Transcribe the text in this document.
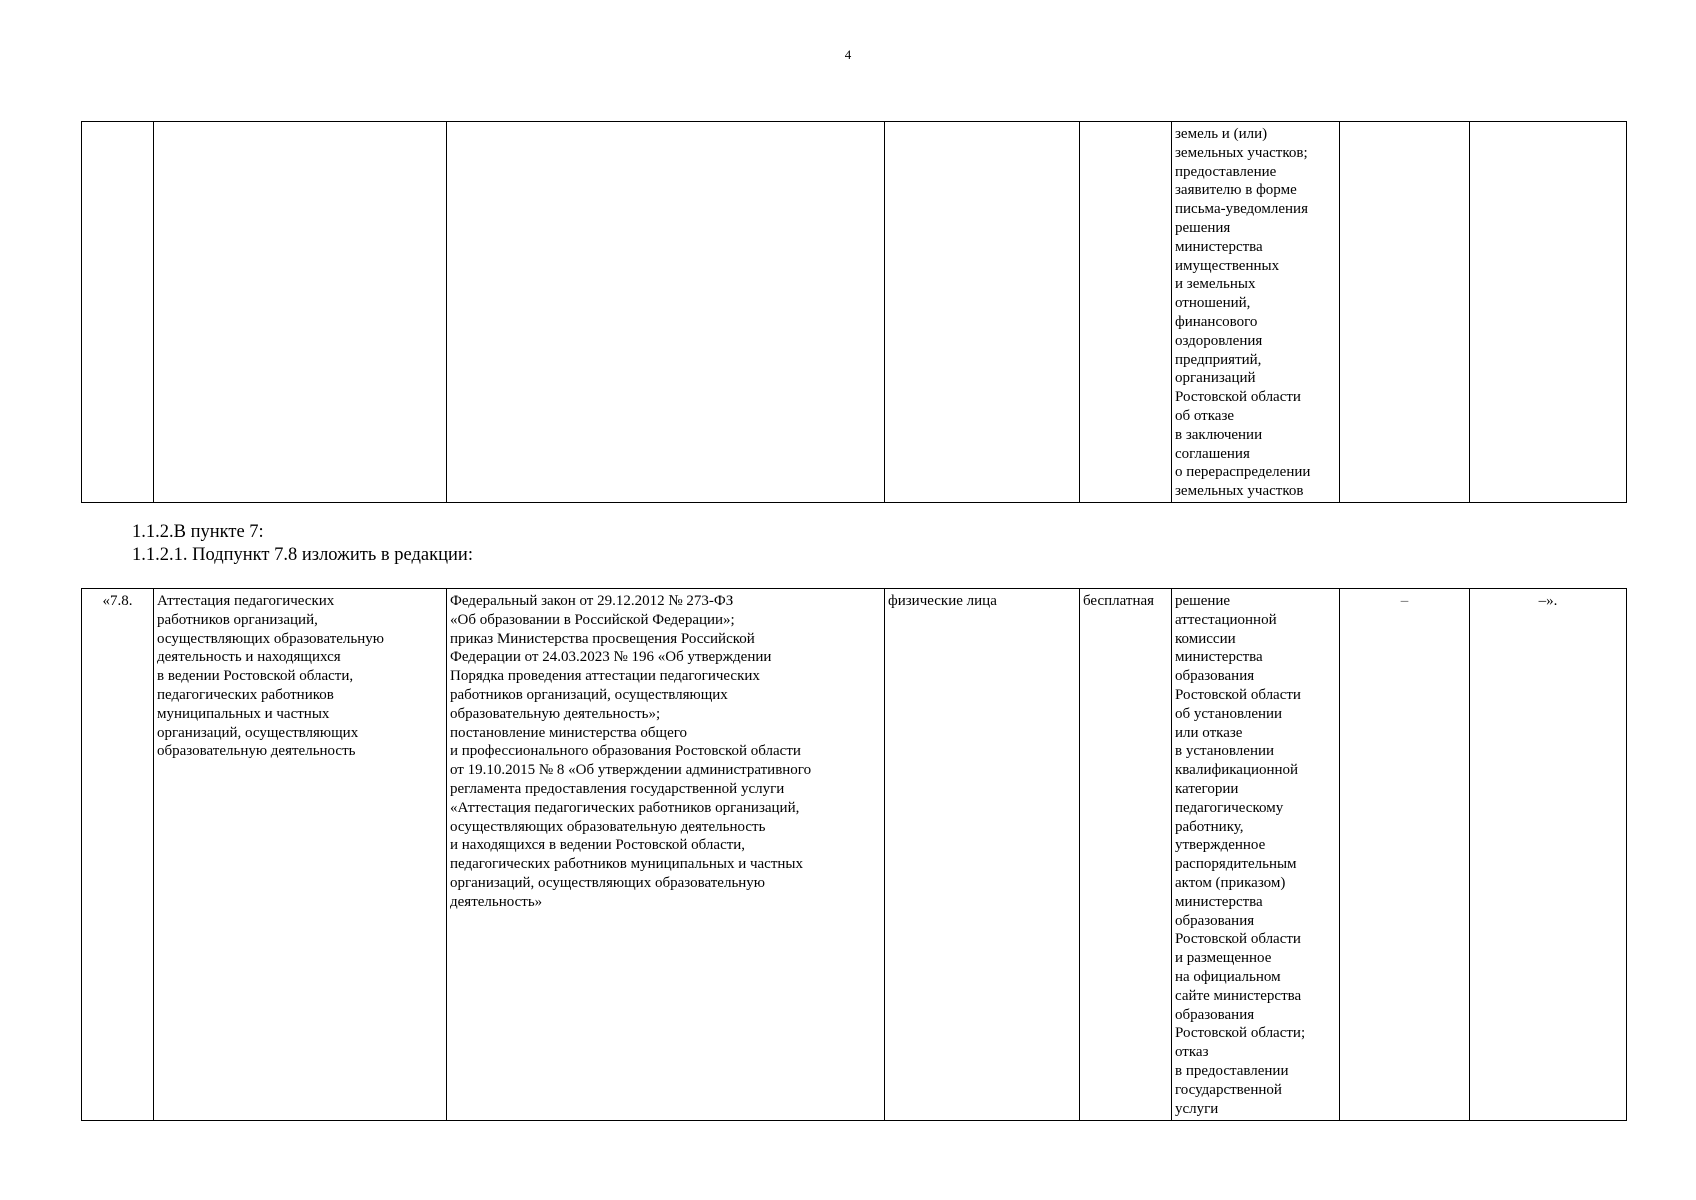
4
					земель и (или)
земельных участков;
предоставление
заявителю в форме
письма-уведомления
решения
министерства
имущественных
и земельных
отношений,
финансового
оздоровления
предприятий,
организаций
Ростовской области
об отказе
в заключении
соглашения
о перераспределении
земельных участков		
1.1.2.В пункте 7:
1.1.2.1. Подпункт 7.8 изложить в редакции:
«7.8.	Аттестация педагогических
работников организаций,
осуществляющих образовательную
деятельность и находящихся
в ведении Ростовской области,
педагогических работников
муниципальных и частных
организаций, осуществляющих
образовательную деятельность	Федеральный закон от 29.12.2012 № 273-ФЗ
«Об образовании в Российской Федерации»;
приказ Министерства просвещения Российской
Федерации от 24.03.2023 № 196 «Об утверждении
Порядка проведения аттестации педагогических
работников организаций, осуществляющих
образовательную деятельность»;
постановление министерства общего
и профессионального образования Ростовской области
от 19.10.2015 № 8 «Об утверждении административного
регламента предоставления государственной услуги
«Аттестация педагогических работников организаций,
осуществляющих образовательную деятельность
и находящихся в ведении Ростовской области,
педагогических работников муниципальных и частных
организаций, осуществляющих образовательную
деятельность»	физические лица	бесплатная	решение
аттестационной
комиссии
министерства
образования
Ростовской области
об установлении
или отказе
в установлении
квалификационной
категории
педагогическому
работнику,
утвержденное
распорядительным
актом (приказом)
министерства
образования
Ростовской области
и размещенное
на официальном
сайте министерства
образования
Ростовской области;
отказ
в предоставлении
государственной
услуги	–	–».
